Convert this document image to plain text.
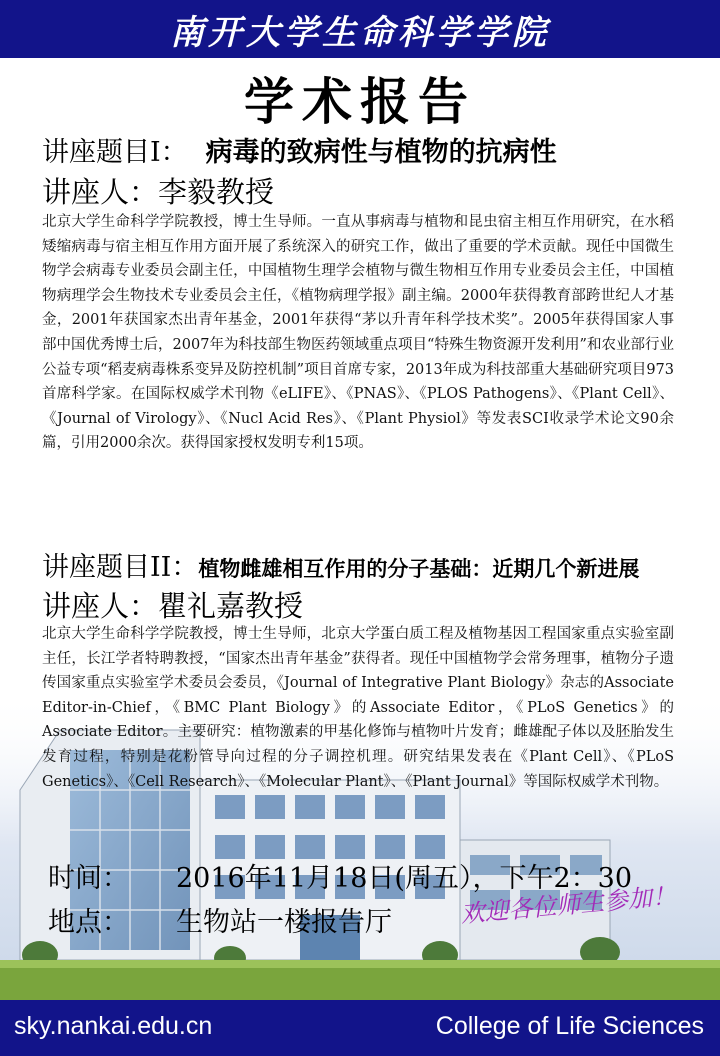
南开大学生命科学学院
学术报告
讲座题目I： 病毒的致病性与植物的抗病性
讲座人：李毅教授
北京大学生命科学学院教授，博士生导师。一直从事病毒与植物和昆虫宿主相互作用研究，在水稻矮缩病毒与宿主相互作用方面开展了系统深入的研究工作，做出了重要的学术贡献。现任中国微生物学会病毒专业委员会副主任，中国植物生理学会植物与微生物相互作用专业委员会主任，中国植物病理学会生物技术专业委员会主任，《植物病理学报》副主编。2000年获得教育部跨世纪人才基金，2001年获国家杰出青年基金，2001年获得“茅以升青年科学技术奖”。2005年获得国家人事部中国优秀博士后，2007年为科技部生物医药领域重点项目“特殊生物资源开发利用”和农业部行业公益专项“稻麦病毒株系变异及防控机制”项目首席专家，2013年成为科技部重大基础研究项目973首席科学家。在国际权威学术刊物《eLIFE》、《PNAS》、《PLOS Pathogens》、《Plant Cell》、《Journal of Virology》、《Nucl Acid Res》、《Plant Physiol》等发表SCI收录学术论文90余篇，引用2000余次。获得国家授权发明专利15项。
讲座题目II：植物雌雄相互作用的分子基础：近期几个新进展
讲座人：瞿礼嘉教授
北京大学生命科学学院教授，博士生导师，北京大学蛋白质工程及植物基因工程国家重点实验室副主任，长江学者特聘教授，“国家杰出青年基金”获得者。现任中国植物学会常务理事，植物分子遗传国家重点实验室学术委员会委员，《Journal of Integrative Plant Biology》杂志的Associate Editor-in-Chief，《BMC Plant Biology》的Associate Editor，《PLoS Genetics》的Associate Editor。主要研究：植物激素的甲基化修饰与植物叶片发育；雌雄配子体以及胚胎发生发育过程，特别是花粉管导向过程的分子调控机理。研究结果发表在《Plant Cell》、《PLoS Genetics》、《Cell Research》、《Molecular Plant》、《Plant Journal》等国际权威学术刊物。
时间： 2016年11月18日(周五），下午2：30
地点： 生物站一楼报告厅	欢迎各位师生参加！
sky.nankai.edu.cn	College of Life Sciences
